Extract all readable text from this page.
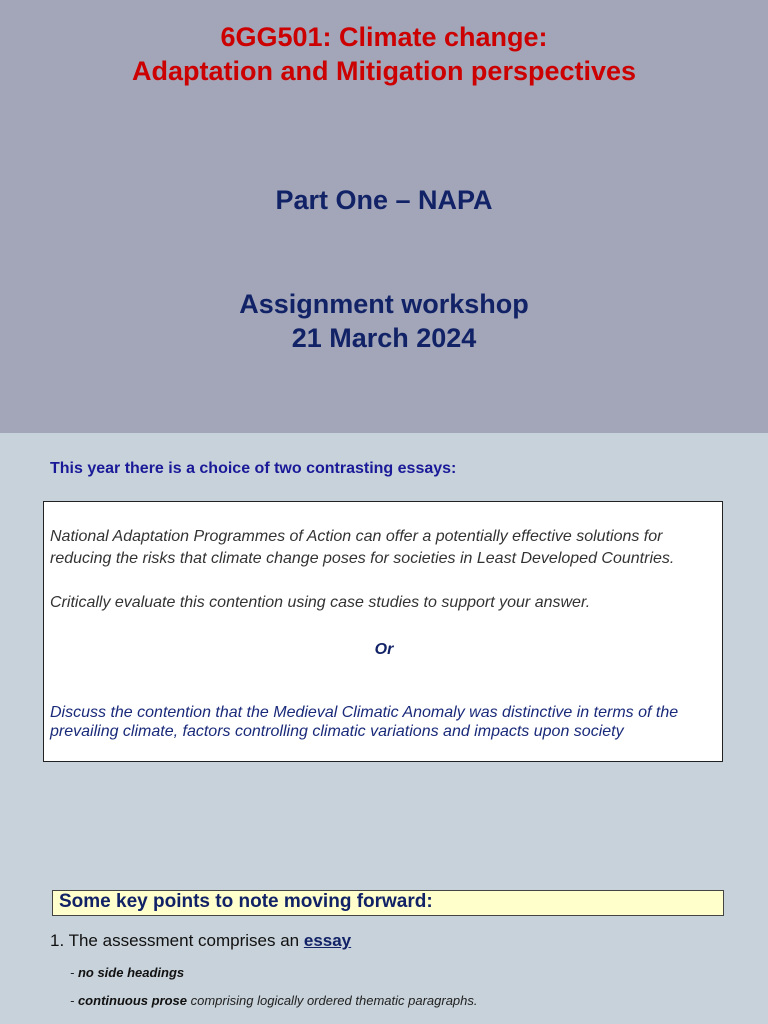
6GG501: Climate change:
Adaptation and Mitigation perspectives
Part One – NAPA
Assignment workshop
21 March 2024
This year there is a choice of two contrasting essays:

National Adaptation Programmes of Action can offer a potentially effective solutions for
reducing the risks that climate change poses for societies in Least Developed Countries.

Critically evaluate this contention using case studies to support your answer.

Or

Discuss the contention that the Medieval Climatic Anomaly was distinctive in terms of the
prevailing climate, factors controlling climatic variations and impacts upon society

Some key points to note moving forward:
1. The assessment comprises an essay
- no side headings
- continuous prose comprising logically ordered thematic paragraphs.
